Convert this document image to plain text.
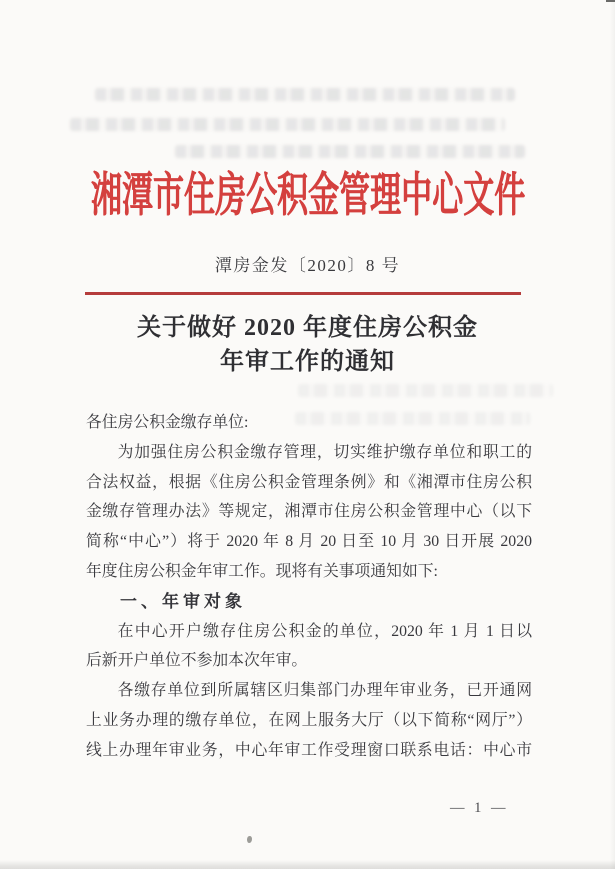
湘潭市住房公积金管理中心文件
潭房金发〔2020〕8 号
关于做好 2020 年度住房公积金
年审工作的通知
各住房公积金缴存单位:
为加强住房公积金缴存管理，切实维护缴存单位和职工的
合法权益，根据《住房公积金管理条例》和《湘潭市住房公积
金缴存管理办法》等规定，湘潭市住房公积金管理中心（以下
简称“中心”）将于 2020 年 8 月 20 日至 10 月 30 日开展 2020
年度住房公积金年审工作。现将有关事项通知如下:
一、年审对象
在中心开户缴存住房公积金的单位，2020 年 1 月 1 日以
后新开户单位不参加本次年审。
各缴存单位到所属辖区归集部门办理年审业务，已开通网
上业务办理的缴存单位，在网上服务大厅（以下简称“网厅”）
线上办理年审业务，中心年审工作受理窗口联系电话：中心市
— 1 —
